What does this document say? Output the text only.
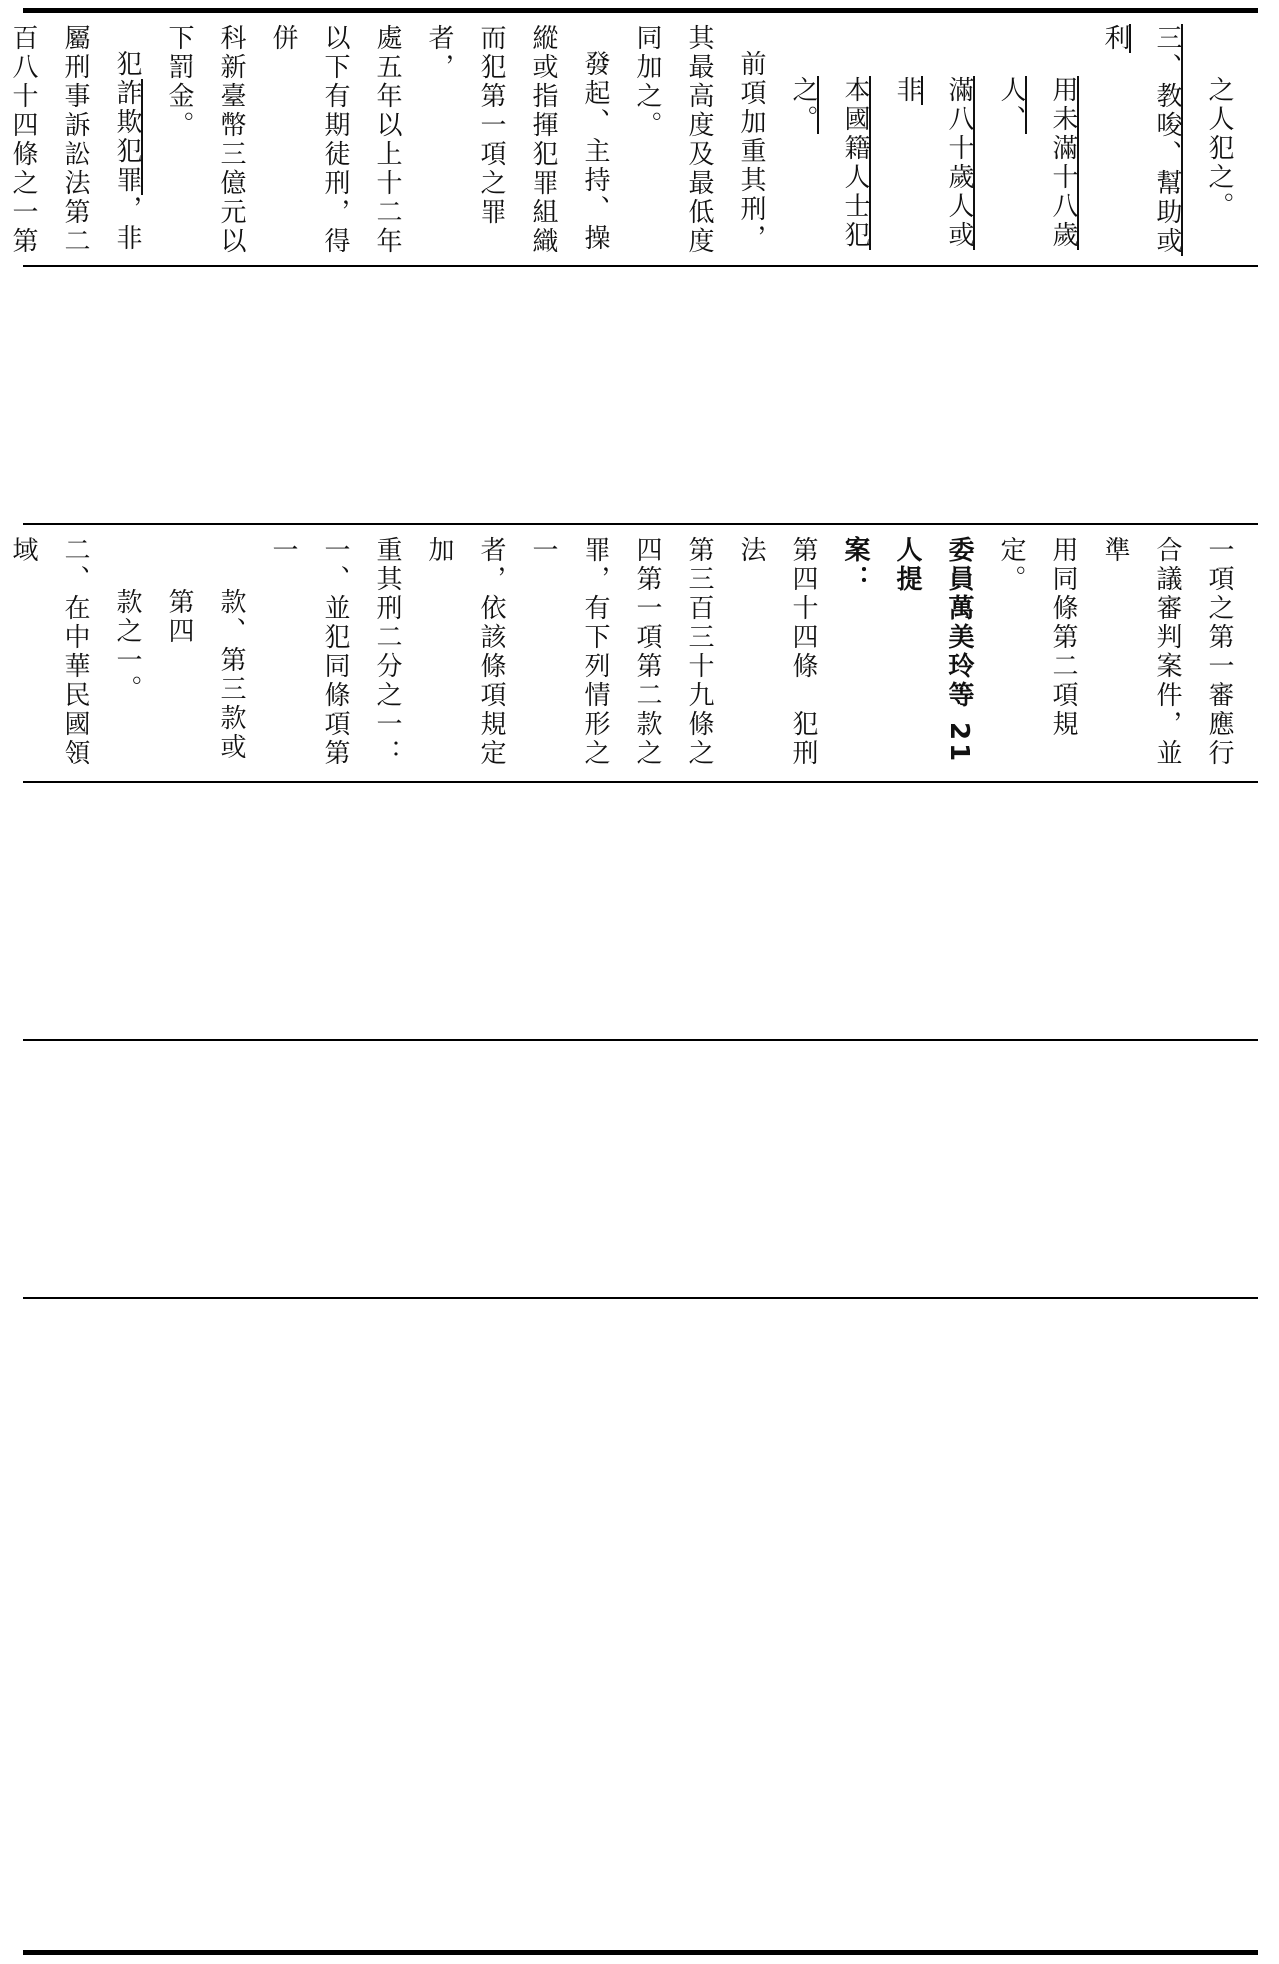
之人犯之。
三、教唆、幫助或利
用未滿十八歲人、
滿八十歲人或非
本國籍人士犯之。
前項加重其刑，
其最高度及最低度
同加之。
發起、主持、操
縱或指揮犯罪組織
而犯第一項之罪者，
處五年以上十二年
以下有期徒刑，得併
科新臺幣三億元以
下罰金。
犯詐欺犯罪，非
屬刑事訴訟法第二
百八十四條之一第
一項之第一審應行
合議審判案件，並準
用同條第二項規定。
委員萬美玲等 21 人提
案：
第四十四條　犯刑法
第三百三十九條之
四第一項第二款之
罪，有下列情形之一
者，依該條項規定加
重其刑二分之一：
一、並犯同條項第一
款、第三款或第四
款之一。
二、在中華民國領域
